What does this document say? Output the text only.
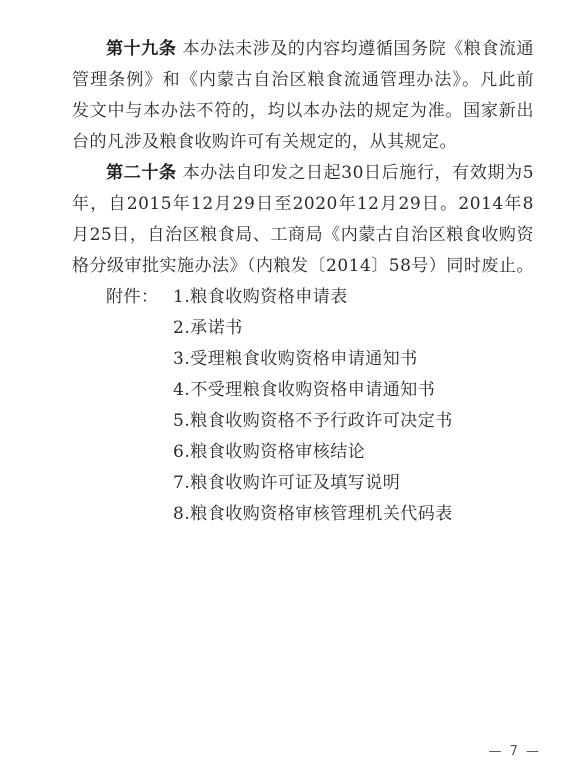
第十九条 本办法未涉及的内容均遵循国务院《粮食流通管理条例》和《内蒙古自治区粮食流通管理办法》。凡此前发文中与本办法不符的，均以本办法的规定为准。国家新出台的凡涉及粮食收购许可有关规定的，从其规定。

第二十条 本办法自印发之日起30日后施行，有效期为5年，自2015年12月29日至2020年12月29日。2014年8月25日，自治区粮食局、工商局《内蒙古自治区粮食收购资格分级审批实施办法》（内粮发〔2014〕58号）同时废止。

附件： 1.粮食收购资格申请表
2.承诺书
3.受理粮食收购资格申请通知书
4.不受理粮食收购资格申请通知书
5.粮食收购资格不予行政许可决定书
6.粮食收购资格审核结论
7.粮食收购许可证及填写说明
8.粮食收购资格审核管理机关代码表
— 7 —
